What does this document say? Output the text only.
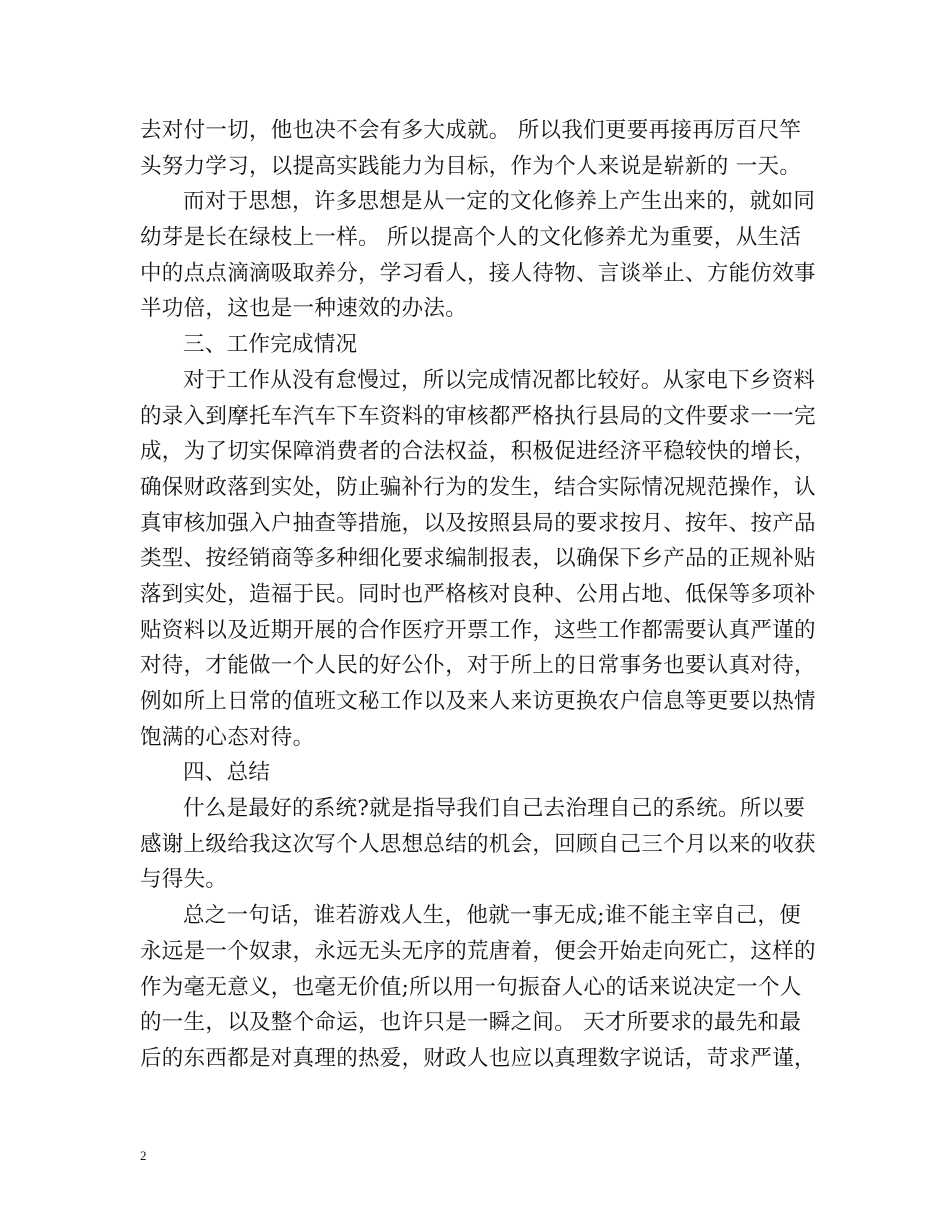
去对付一切，他也决不会有多大成就。 所以我们更要再接再厉百尺竿
头努力学习，以提高实践能力为目标，作为个人来说是崭新的 一天。
而对于思想，许多思想是从一定的文化修养上产生出来的，就如同
幼芽是长在绿枝上一样。 所以提高个人的文化修养尤为重要，从生活
中的点点滴滴吸取养分，学习看人，接人待物、言谈举止、方能仿效事
半功倍，这也是一种速效的办法。
三、工作完成情况
对于工作从没有怠慢过，所以完成情况都比较好。从家电下乡资料
的录入到摩托车汽车下车资料的审核都严格执行县局的文件要求一一完
成，为了切实保障消费者的合法权益，积极促进经济平稳较快的增长，
确保财政落到实处，防止骗补行为的发生，结合实际情况规范操作，认
真审核加强入户抽查等措施，以及按照县局的要求按月、按年、按产品
类型、按经销商等多种细化要求编制报表，以确保下乡产品的正规补贴
落到实处，造福于民。同时也严格核对良种、公用占地、低保等多项补
贴资料以及近期开展的合作医疗开票工作，这些工作都需要认真严谨的
对待，才能做一个人民的好公仆，对于所上的日常事务也要认真对待，
例如所上日常的值班文秘工作以及来人来访更换农户信息等更要以热情
饱满的心态对待。
四、总结
什么是最好的系统?就是指导我们自己去治理自己的系统。所以要
感谢上级给我这次写个人思想总结的机会，回顾自己三个月以来的收获
与得失。
总之一句话，谁若游戏人生，他就一事无成;谁不能主宰自己，便
永远是一个奴隶，永远无头无序的荒唐着，便会开始走向死亡，这样的
作为毫无意义，也毫无价值;所以用一句振奋人心的话来说决定一个人
的一生，以及整个命运，也许只是一瞬之间。 天才所要求的最先和最
后的东西都是对真理的热爱，财政人也应以真理数字说话，苛求严谨，
2
